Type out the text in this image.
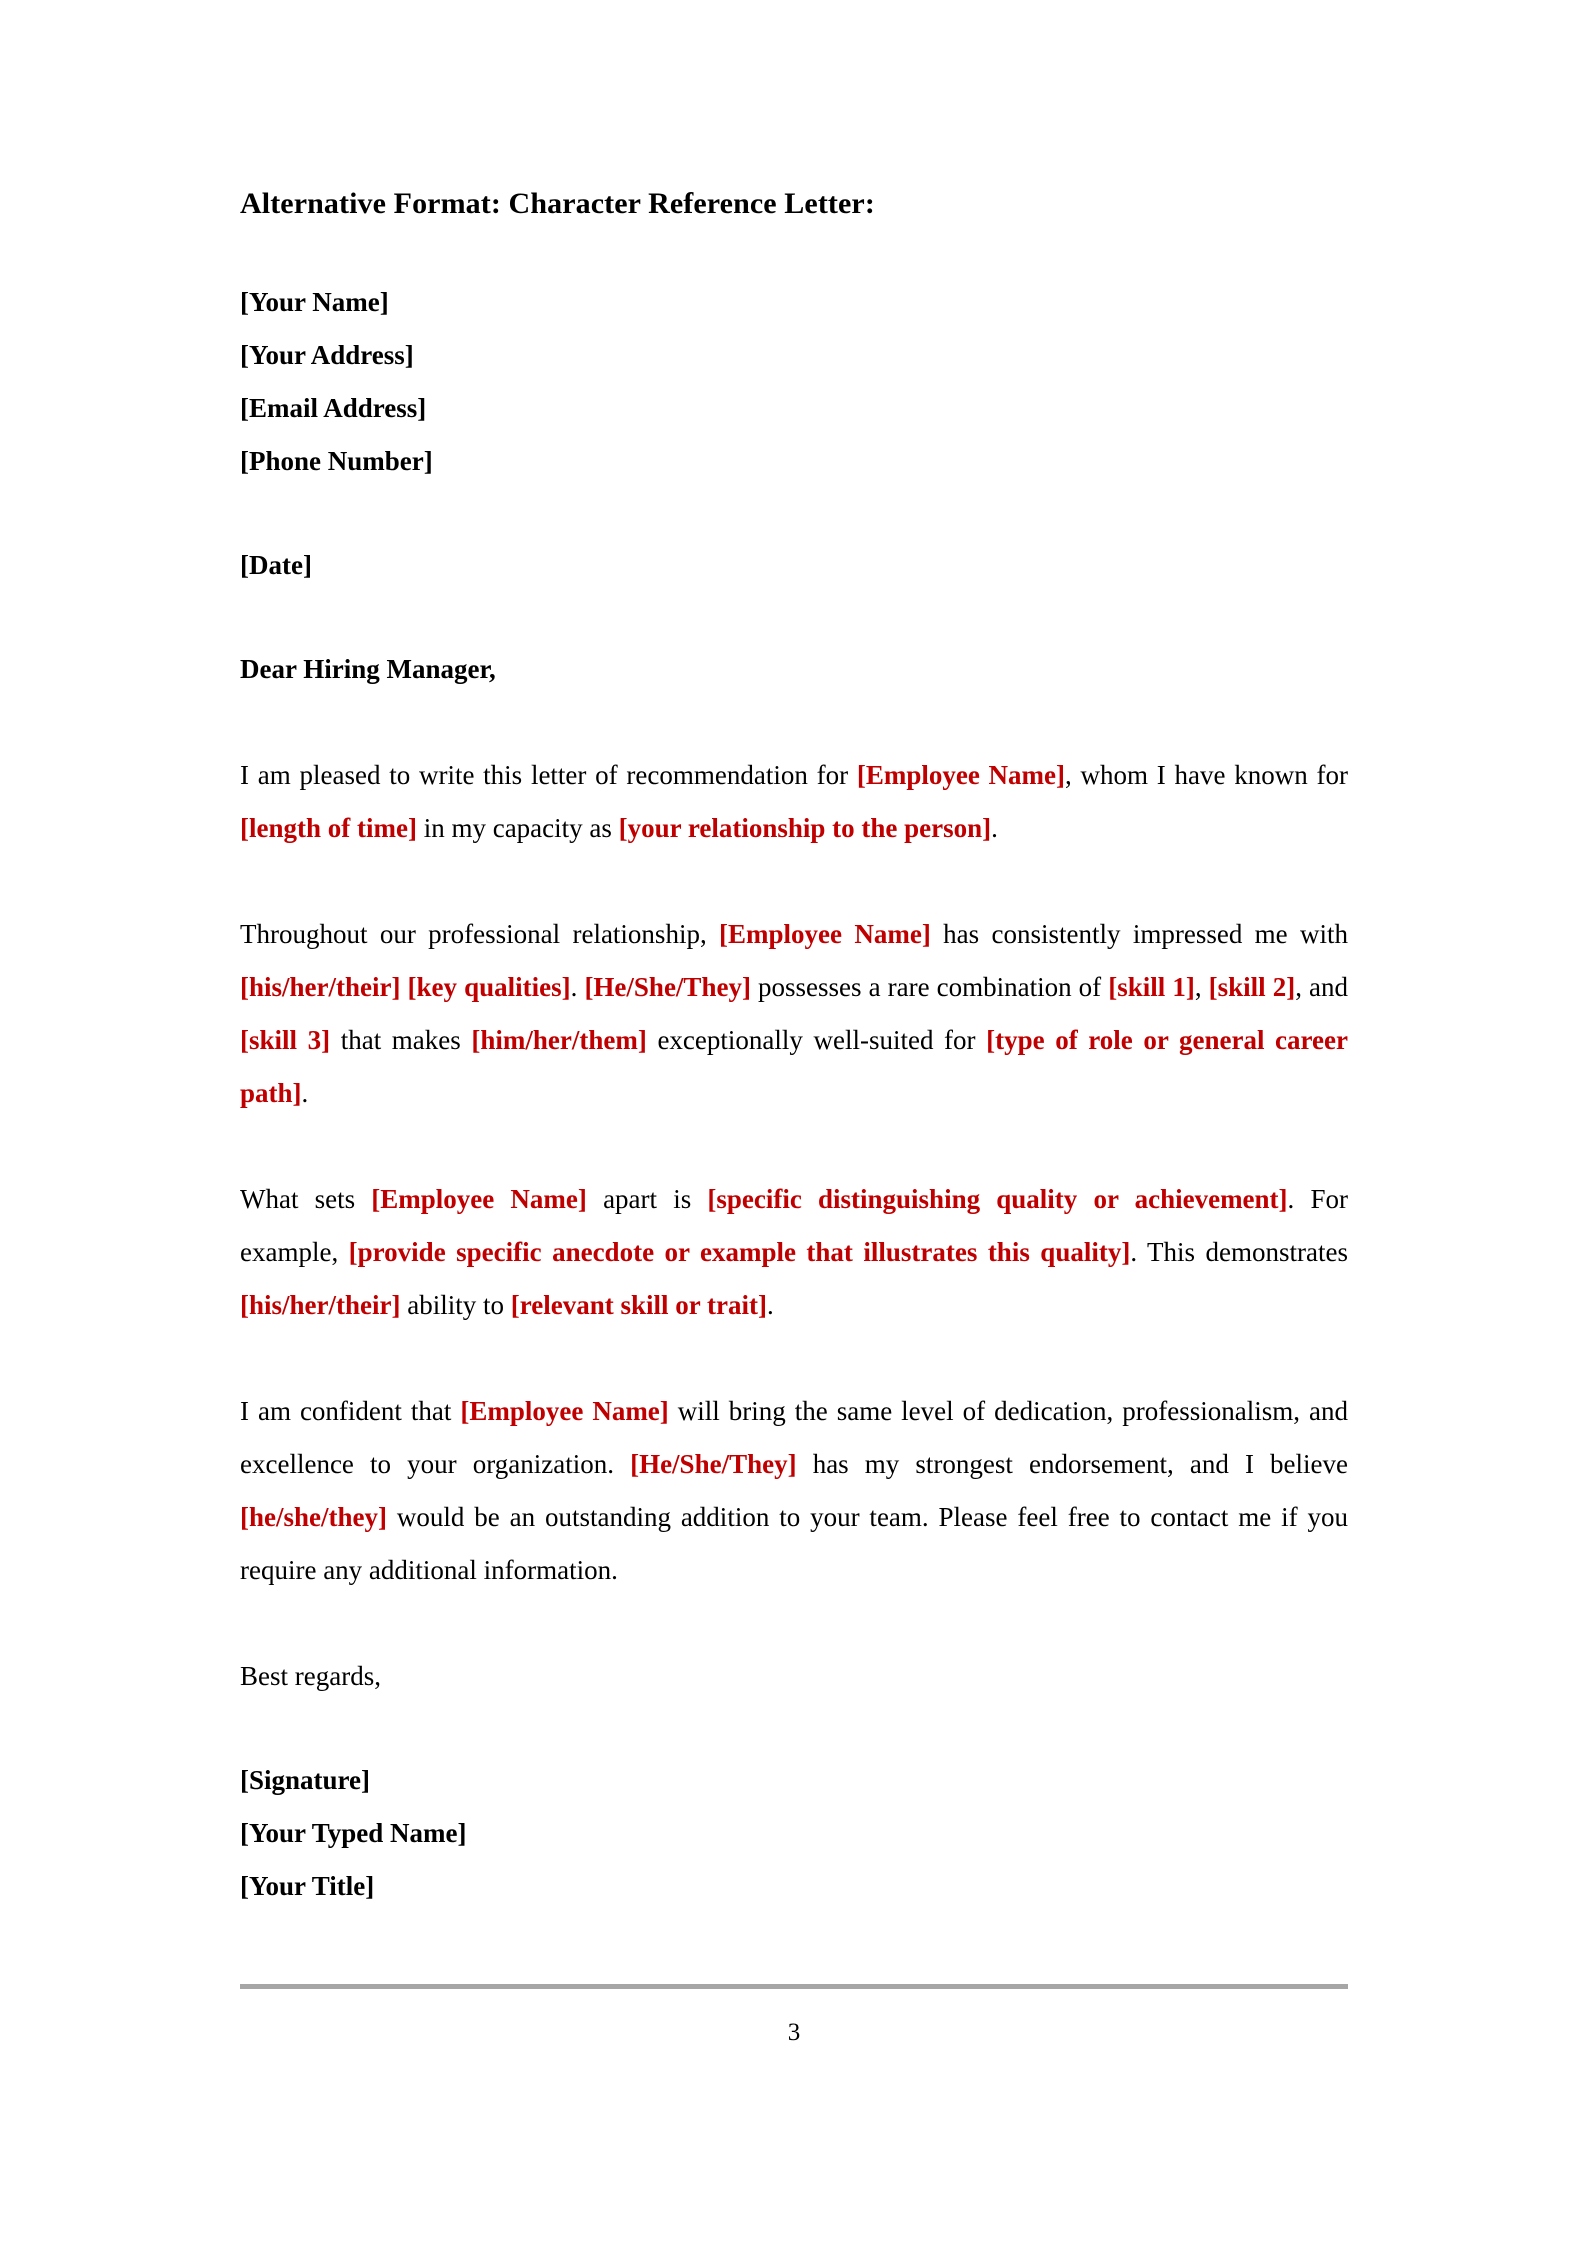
Alternative Format: Character Reference Letter:
[Your Name]
[Your Address]
[Email Address]
[Phone Number]
[Date]
Dear Hiring Manager,

I am pleased to write this letter of recommendation for [Employee Name], whom I have known for [length of time] in my capacity as [your relationship to the person].

Throughout our professional relationship, [Employee Name] has consistently impressed me with [his/her/their] [key qualities]. [He/She/They] possesses a rare combination of [skill 1], [skill 2], and [skill 3] that makes [him/her/them] exceptionally well-suited for [type of role or general career path].

What sets [Employee Name] apart is [specific distinguishing quality or achievement]. For example, [provide specific anecdote or example that illustrates this quality]. This demonstrates [his/her/their] ability to [relevant skill or trait].

I am confident that [Employee Name] will bring the same level of dedication, professionalism, and excellence to your organization. [He/She/They] has my strongest endorsement, and I believe [he/she/they] would be an outstanding addition to your team. Please feel free to contact me if you require any additional information.

Best regards,

[Signature]
[Your Typed Name]
[Your Title]
3
